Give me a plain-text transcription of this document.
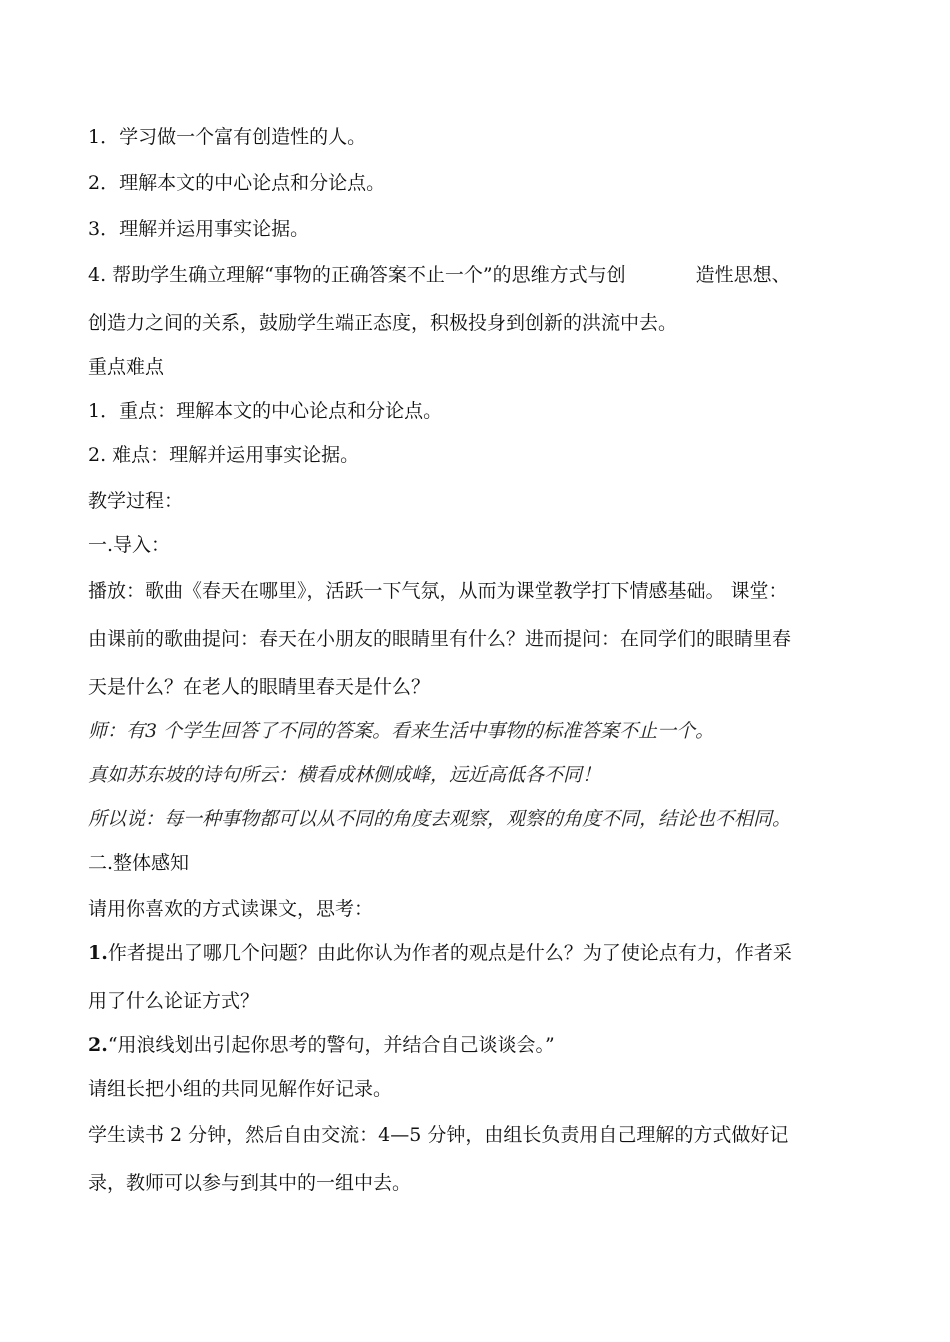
1．学习做一个富有创造性的人。
2．理解本文的中心论点和分论点。
3．理解并运用事实论据。
4. 帮助学生确立理解“事物的正确答案不止一个”的思维方式与创	造性思想、
创造力之间的关系，鼓励学生端正态度，积极投身到创新的洪流中去。
重点难点
1．重点：理解本文的中心论点和分论点。
2. 难点：理解并运用事实论据。
教学过程：
一.导入：
播放：歌曲《春天在哪里》，活跃一下气氛，从而为课堂教学打下情感基础。 课堂：
由课前的歌曲提问：春天在小朋友的眼睛里有什么？进而提问：在同学们的眼睛里春
天是什么？在老人的眼睛里春天是什么？
师：有3 个学生回答了不同的答案。看来生活中事物的标准答案不止一个。
真如苏东坡的诗句所云：横看成林侧成峰，远近高低各不同！
所以说：每一种事物都可以从不同的角度去观察，观察的角度不同，结论也不相同。
二.整体感知
请用你喜欢的方式读课文，思考：
1.作者提出了哪几个问题？由此你认为作者的观点是什么？为了使论点有力，作者采
用了什么论证方式？
2.“用浪线划出引起你思考的警句，并结合自己谈谈会。”
请组长把小组的共同见解作好记录。
学生读书 2 分钟，然后自由交流：4—5 分钟，由组长负责用自己理解的方式做好记
录，教师可以参与到其中的一组中去。
